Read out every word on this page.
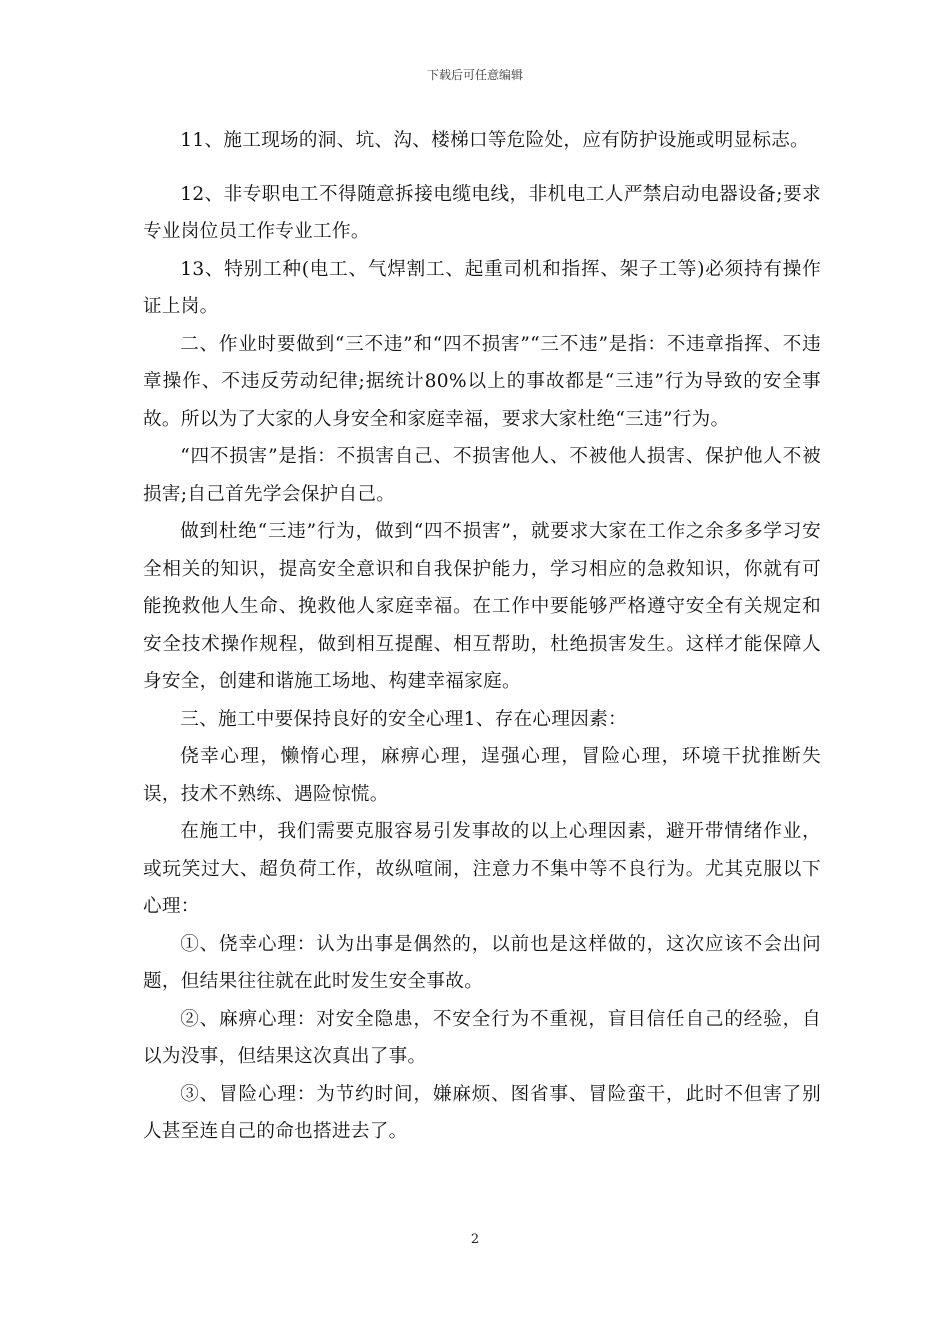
下载后可任意编辑

11、施工现场的洞、坑、沟、楼梯口等危险处，应有防护设施或明显标志。

12、非专职电工不得随意拆接电缆电线，非机电工人严禁启动电器设备;要求专业岗位员工作专业工作。

13、特别工种(电工、气焊割工、起重司机和指挥、架子工等)必须持有操作证上岗。

二、作业时要做到“三不违”和“四不损害”“三不违”是指：不违章指挥、不违章操作、不违反劳动纪律;据统计80%以上的事故都是“三违”行为导致的安全事故。所以为了大家的人身安全和家庭幸福，要求大家杜绝“三违”行为。

“四不损害”是指：不损害自己、不损害他人、不被他人损害、保护他人不被损害;自己首先学会保护自己。

做到杜绝“三违”行为，做到“四不损害”，就要求大家在工作之余多多学习安全相关的知识，提高安全意识和自我保护能力，学习相应的急救知识，你就有可能挽救他人生命、挽救他人家庭幸福。在工作中要能够严格遵守安全有关规定和安全技术操作规程，做到相互提醒、相互帮助，杜绝损害发生。这样才能保障人身安全，创建和谐施工场地、构建幸福家庭。

三、施工中要保持良好的安全心理1、存在心理因素：

侥幸心理，懒惰心理，麻痹心理，逞强心理，冒险心理，环境干扰推断失误，技术不熟练、遇险惊慌。

在施工中，我们需要克服容易引发事故的以上心理因素，避开带情绪作业，或玩笑过大、超负荷工作，故纵喧闹，注意力不集中等不良行为。尤其克服以下心理：

①、侥幸心理：认为出事是偶然的，以前也是这样做的，这次应该不会出问题，但结果往往就在此时发生安全事故。

②、麻痹心理：对安全隐患，不安全行为不重视，盲目信任自己的经验，自以为没事，但结果这次真出了事。

③、冒险心理：为节约时间，嫌麻烦、图省事、冒险蛮干，此时不但害了别人甚至连自己的命也搭进去了。

2
